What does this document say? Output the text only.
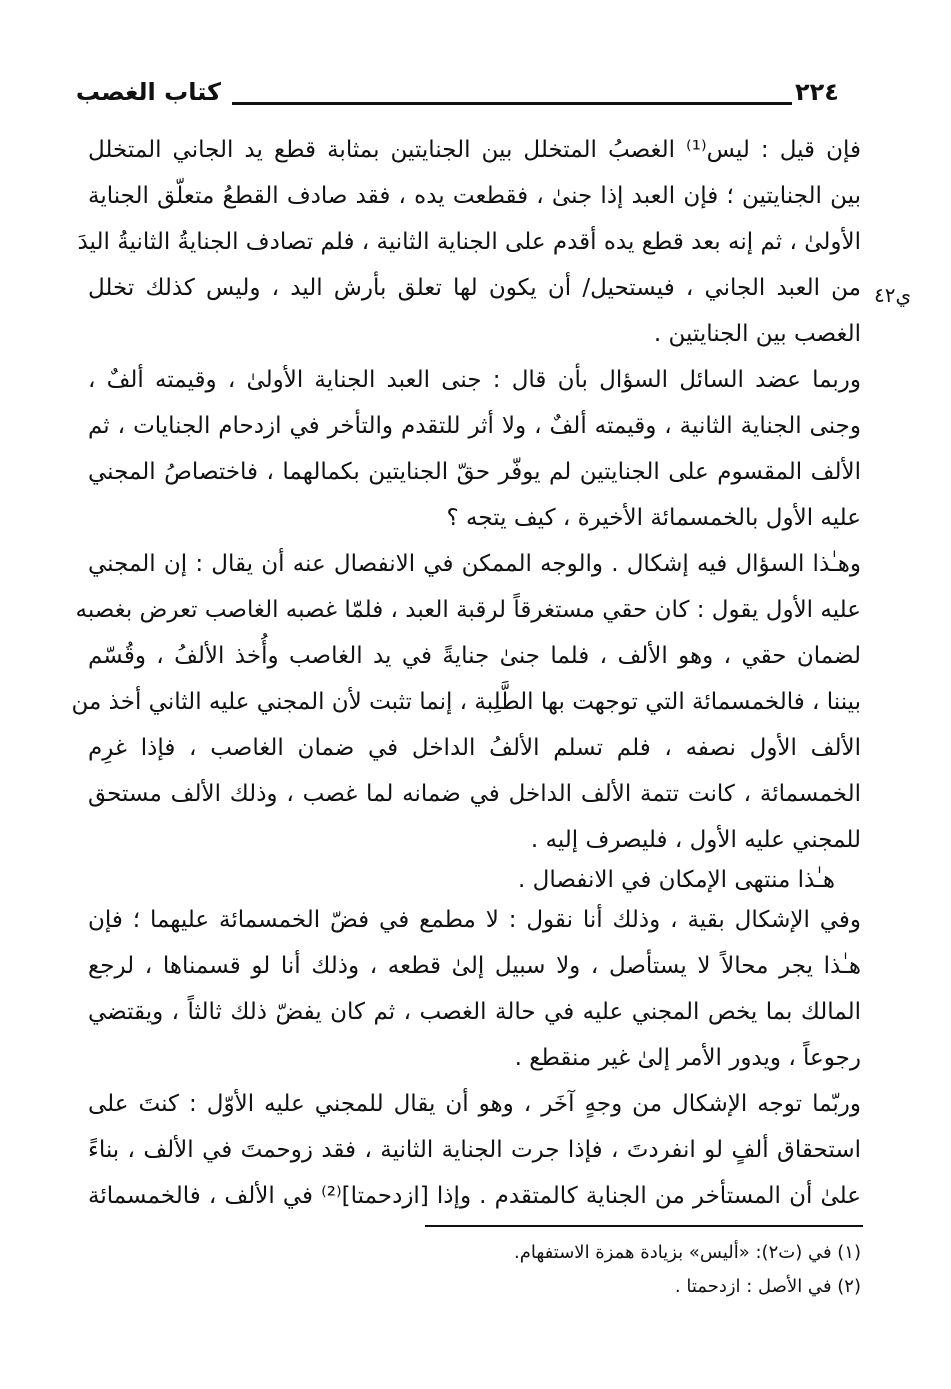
كتاب الغصب	٢٢٤
ي٤٢
فإن قيل : ليس⁽¹⁾ الغصبُ المتخلل بين الجنايتين بمثابة قطع يد الجاني المتخلل
بين الجنايتين ؛ فإن العبد إذا جنىٰ ، فقطعت يده ، فقد صادف القطعُ متعلّق الجناية
الأولىٰ ، ثم إنه بعد قطع يده أقدم على الجناية الثانية ، فلم تصادف الجنايةُ الثانيةُ اليدَ
من العبد الجاني ، فيستحيل/ أن يكون لها تعلق بأرش اليد ، وليس كذلك تخلل
الغصب بين الجنايتين .
وربما عضد السائل السؤال بأن قال : جنى العبد الجناية الأولىٰ ، وقيمته ألفٌ ،
وجنى الجناية الثانية ، وقيمته ألفٌ ، ولا أثر للتقدم والتأخر في ازدحام الجنايات ، ثم
الألف المقسوم على الجنايتين لم يوفّر حقّ الجنايتين بكمالهما ، فاختصاصُ المجني
عليه الأول بالخمسمائة الأخيرة ، كيف يتجه ؟
وهـٰذا السؤال فيه إشكال . والوجه الممكن في الانفصال عنه أن يقال : إن المجني
عليه الأول يقول : كان حقي مستغرقاً لرقبة العبد ، فلمّا غصبه الغاصب تعرض بغصبه
لضمان حقي ، وهو الألف ، فلما جنىٰ جنايةً في يد الغاصب وأُخذ الألفُ ، وقُسّم
بيننا ، فالخمسمائة التي توجهت بها الطَّلِبة ، إنما تثبت لأن المجني عليه الثاني أخذ من
الألف الأول نصفه ، فلم تسلم الألفُ الداخل في ضمان الغاصب ، فإذا غرِم
الخمسمائة ، كانت تتمة الألف الداخل في ضمانه لما غصب ، وذلك الألف مستحق
للمجني عليه الأول ، فليصرف إليه .
هـٰذا منتهى الإمكان في الانفصال .
وفي الإشكال بقية ، وذلك أنا نقول : لا مطمع في فضّ الخمسمائة عليهما ؛ فإن
هـٰذا يجر محالاً لا يستأصل ، ولا سبيل إلىٰ قطعه ، وذلك أنا لو قسمناها ، لرجع
المالك بما يخص المجني عليه في حالة الغصب ، ثم كان يفضّ ذلك ثالثاً ، ويقتضي
رجوعاً ، ويدور الأمر إلىٰ غير منقطع .
وربّما توجه الإشكال من وجهٍ آخَر ، وهو أن يقال للمجني عليه الأوّل : كنتَ على
استحقاق ألفٍ لو انفردتَ ، فإذا جرت الجناية الثانية ، فقد زوحمتَ في الألف ، بناءً
علىٰ أن المستأخر من الجناية كالمتقدم . وإذا [ازدحمتا]⁽²⁾ في الألف ، فالخمسمائة
(١) في (ت٢): «أليس» بزيادة همزة الاستفهام.
(٢) في الأصل : ازدحمتا .
